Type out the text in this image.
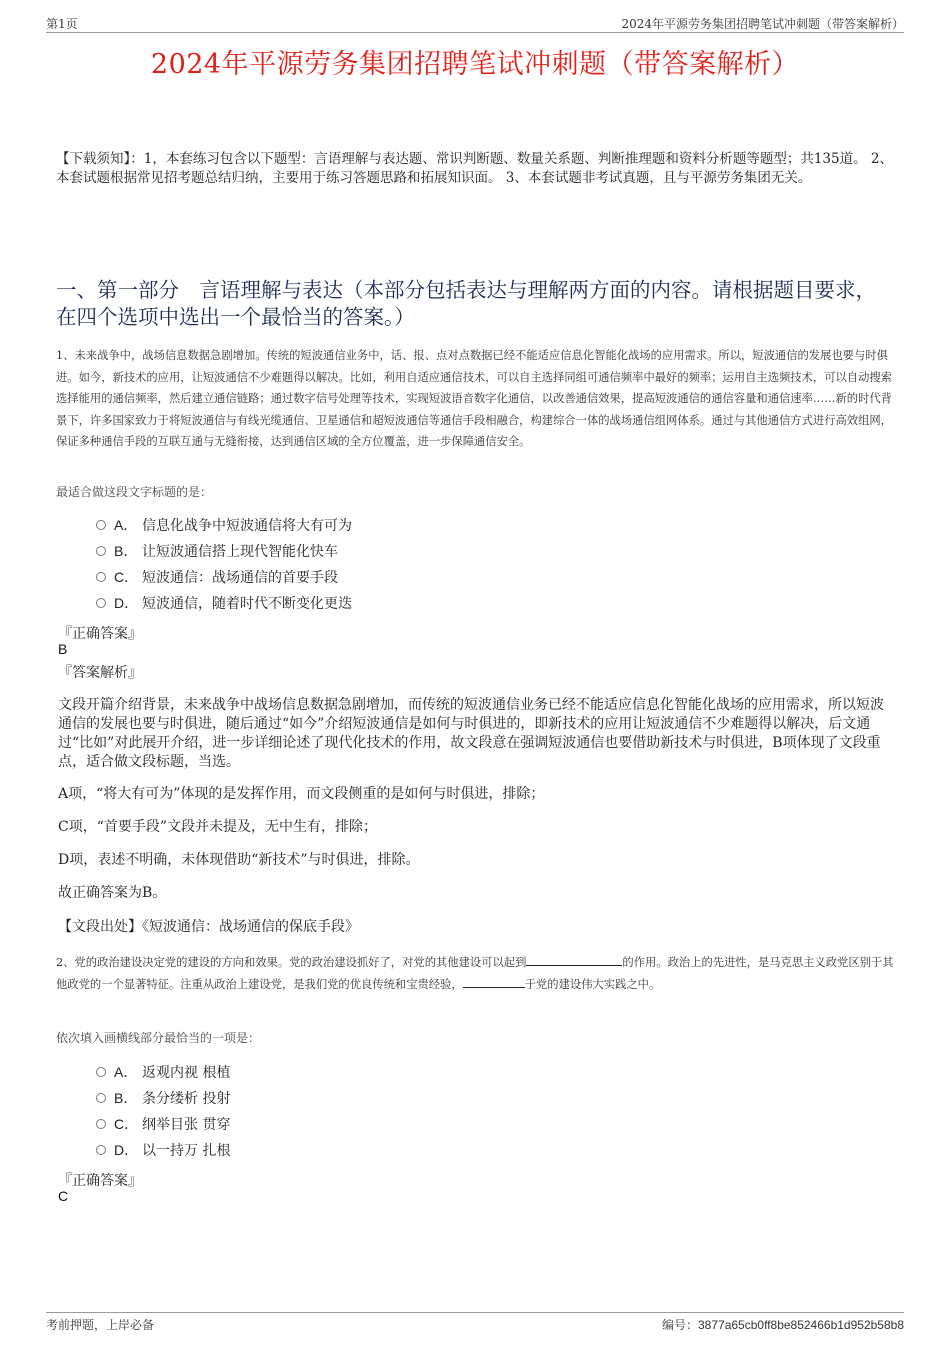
第1页	2024年平源劳务集团招聘笔试冲刺题（带答案解析）
2024年平源劳务集团招聘笔试冲刺题（带答案解析）
【下载须知】：1，本套练习包含以下题型：言语理解与表达题、常识判断题、数量关系题、判断推理题和资料分析题等题型；共135道。 2、本套试题根据常见招考题总结归纳，主要用于练习答题思路和拓展知识面。 3、本套试题非考试真题，且与平源劳务集团无关。
一、第一部分　言语理解与表达（本部分包括表达与理解两方面的内容。请根据题目要求，在四个选项中选出一个最恰当的答案。）
1、未来战争中，战场信息数据急剧增加。传统的短波通信业务中，话、报、点对点数据已经不能适应信息化智能化战场的应用需求。所以，短波通信的发展也要与时俱进。如今，新技术的应用，让短波通信不少难题得以解决。比如，利用自适应通信技术，可以自主选择同组可通信频率中最好的频率；运用自主选频技术，可以自动搜索选择能用的通信频率，然后建立通信链路；通过数字信号处理等技术，实现短波语音数字化通信，以改善通信效果，提高短波通信的通信容量和通信速率……新的时代背景下，许多国家致力于将短波通信与有线光缆通信、卫星通信和超短波通信等通信手段相融合，构建综合一体的战场通信组网体系。通过与其他通信方式进行高效组网，保证多种通信手段的互联互通与无缝衔接，达到通信区域的全方位覆盖，进一步保障通信安全。
最适合做这段文字标题的是：
A． 信息化战争中短波通信将大有可为
B． 让短波通信搭上现代智能化快车
C． 短波通信：战场通信的首要手段
D． 短波通信，随着时代不断变化更迭
『正确答案』
B
『答案解析』
文段开篇介绍背景，未来战争中战场信息数据急剧增加，而传统的短波通信业务已经不能适应信息化智能化战场的应用需求，所以短波通信的发展也要与时俱进，随后通过“如今”介绍短波通信是如何与时俱进的，即新技术的应用让短波通信不少难题得以解决，后文通过“比如”对此展开介绍，进一步详细论述了现代化技术的作用，故文段意在强调短波通信也要借助新技术与时俱进，B项体现了文段重点，适合做文段标题，当选。
A项，“将大有可为”体现的是发挥作用，而文段侧重的是如何与时俱进，排除；
C项，“首要手段”文段并未提及，无中生有，排除；
D项，表述不明确，未体现借助“新技术”与时俱进，排除。
故正确答案为B。
【文段出处】《短波通信：战场通信的保底手段》
2、党的政治建设决定党的建设的方向和效果。党的政治建设抓好了，对党的其他建设可以起到	的作用。政治上的先进性，是马克思主义政党区别于其他政党的一个显著特征。注重从政治上建设党，是我们党的优良传统和宝贵经验，	于党的建设伟大实践之中。
依次填入画横线部分最恰当的一项是：
A． 返观内视 根植
B． 条分缕析 投射
C． 纲举目张 贯穿
D． 以一持万 扎根
『正确答案』
C
考前押题，上岸必备	编号：3877a65cb0ff8be852466b1d952b58b8
